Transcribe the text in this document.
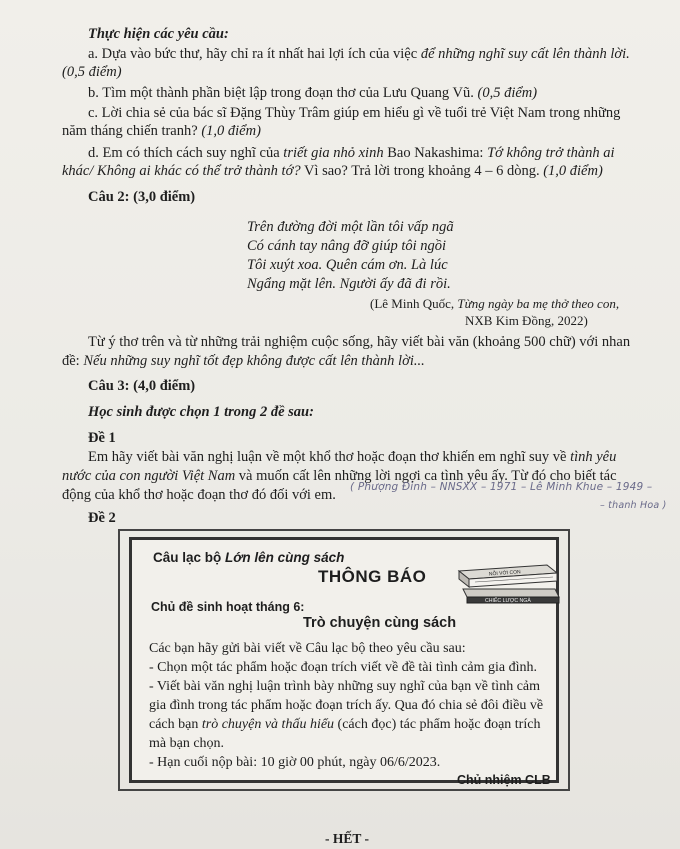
Thực hiện các yêu cầu:
a. Dựa vào bức thư, hãy chỉ ra ít nhất hai lợi ích của việc để những nghĩ suy cất lên thành lời.
(0,5 điểm)
b. Tìm một thành phần biệt lập trong đoạn thơ của Lưu Quang Vũ. (0,5 điểm)
c. Lời chia sẻ của bác sĩ Đặng Thùy Trâm giúp em hiểu gì về tuổi trẻ Việt Nam trong những
năm tháng chiến tranh? (1,0 điểm)
d. Em có thích cách suy nghĩ của triết gia nhỏ xinh Bao Nakashima: Tớ không trở thành ai
khác/ Không ai khác có thể trở thành tớ? Vì sao? Trả lời trong khoảng 4 – 6 dòng. (1,0 điểm)
Câu 2: (3,0 điểm)
Trên đường đời một lần tôi vấp ngã
Có cánh tay nâng đỡ giúp tôi ngồi
Tôi xuýt xoa. Quên cám ơn. Là lúc
Ngẩng mặt lên. Người ấy đã đi rồi.
(Lê Minh Quốc, Từng ngày ba mẹ thở theo con,
NXB Kim Đồng, 2022)
Từ ý thơ trên và từ những trải nghiệm cuộc sống, hãy viết bài văn (khoảng 500 chữ) với nhan
đề: Nếu những suy nghĩ tốt đẹp không được cất lên thành lời...
Câu 3: (4,0 điểm)
Học sinh được chọn 1 trong 2 đề sau:
Đề 1
Em hãy viết bài văn nghị luận về một khổ thơ hoặc đoạn thơ khiến em nghĩ suy về tình yêu
nước của con người Việt Nam và muốn cất lên những lời ngợi ca tình yêu ấy. Từ đó cho biết tác
động của khổ thơ hoặc đoạn thơ đó đối với em. ( Phượng Đình – NNSXX – 1971 – Lê Minh Khue – 1949 –
– thanh Hoa )
Đề 2
Câu lạc bộ Lớn lên cùng sách
THÔNG BÁO	NỖI VỚI CON
CHIẾC LƯỢC NGÀ
Chủ đề sinh hoạt tháng 6:
Trò chuyện cùng sách
Các bạn hãy gửi bài viết về Câu lạc bộ theo yêu cầu sau:
- Chọn một tác phẩm hoặc đoạn trích viết về đề tài tình cảm gia đình.
- Viết bài văn nghị luận trình bày những suy nghĩ của bạn về tình cảm
gia đình trong tác phẩm hoặc đoạn trích ấy. Qua đó chia sẻ đôi điều về
cách bạn trò chuyện và thấu hiểu (cách đọc) tác phẩm hoặc đoạn trích
mà bạn chọn.
- Hạn cuối nộp bài: 10 giờ 00 phút, ngày 06/6/2023.
Chủ nhiệm CLB
- HẾT -
